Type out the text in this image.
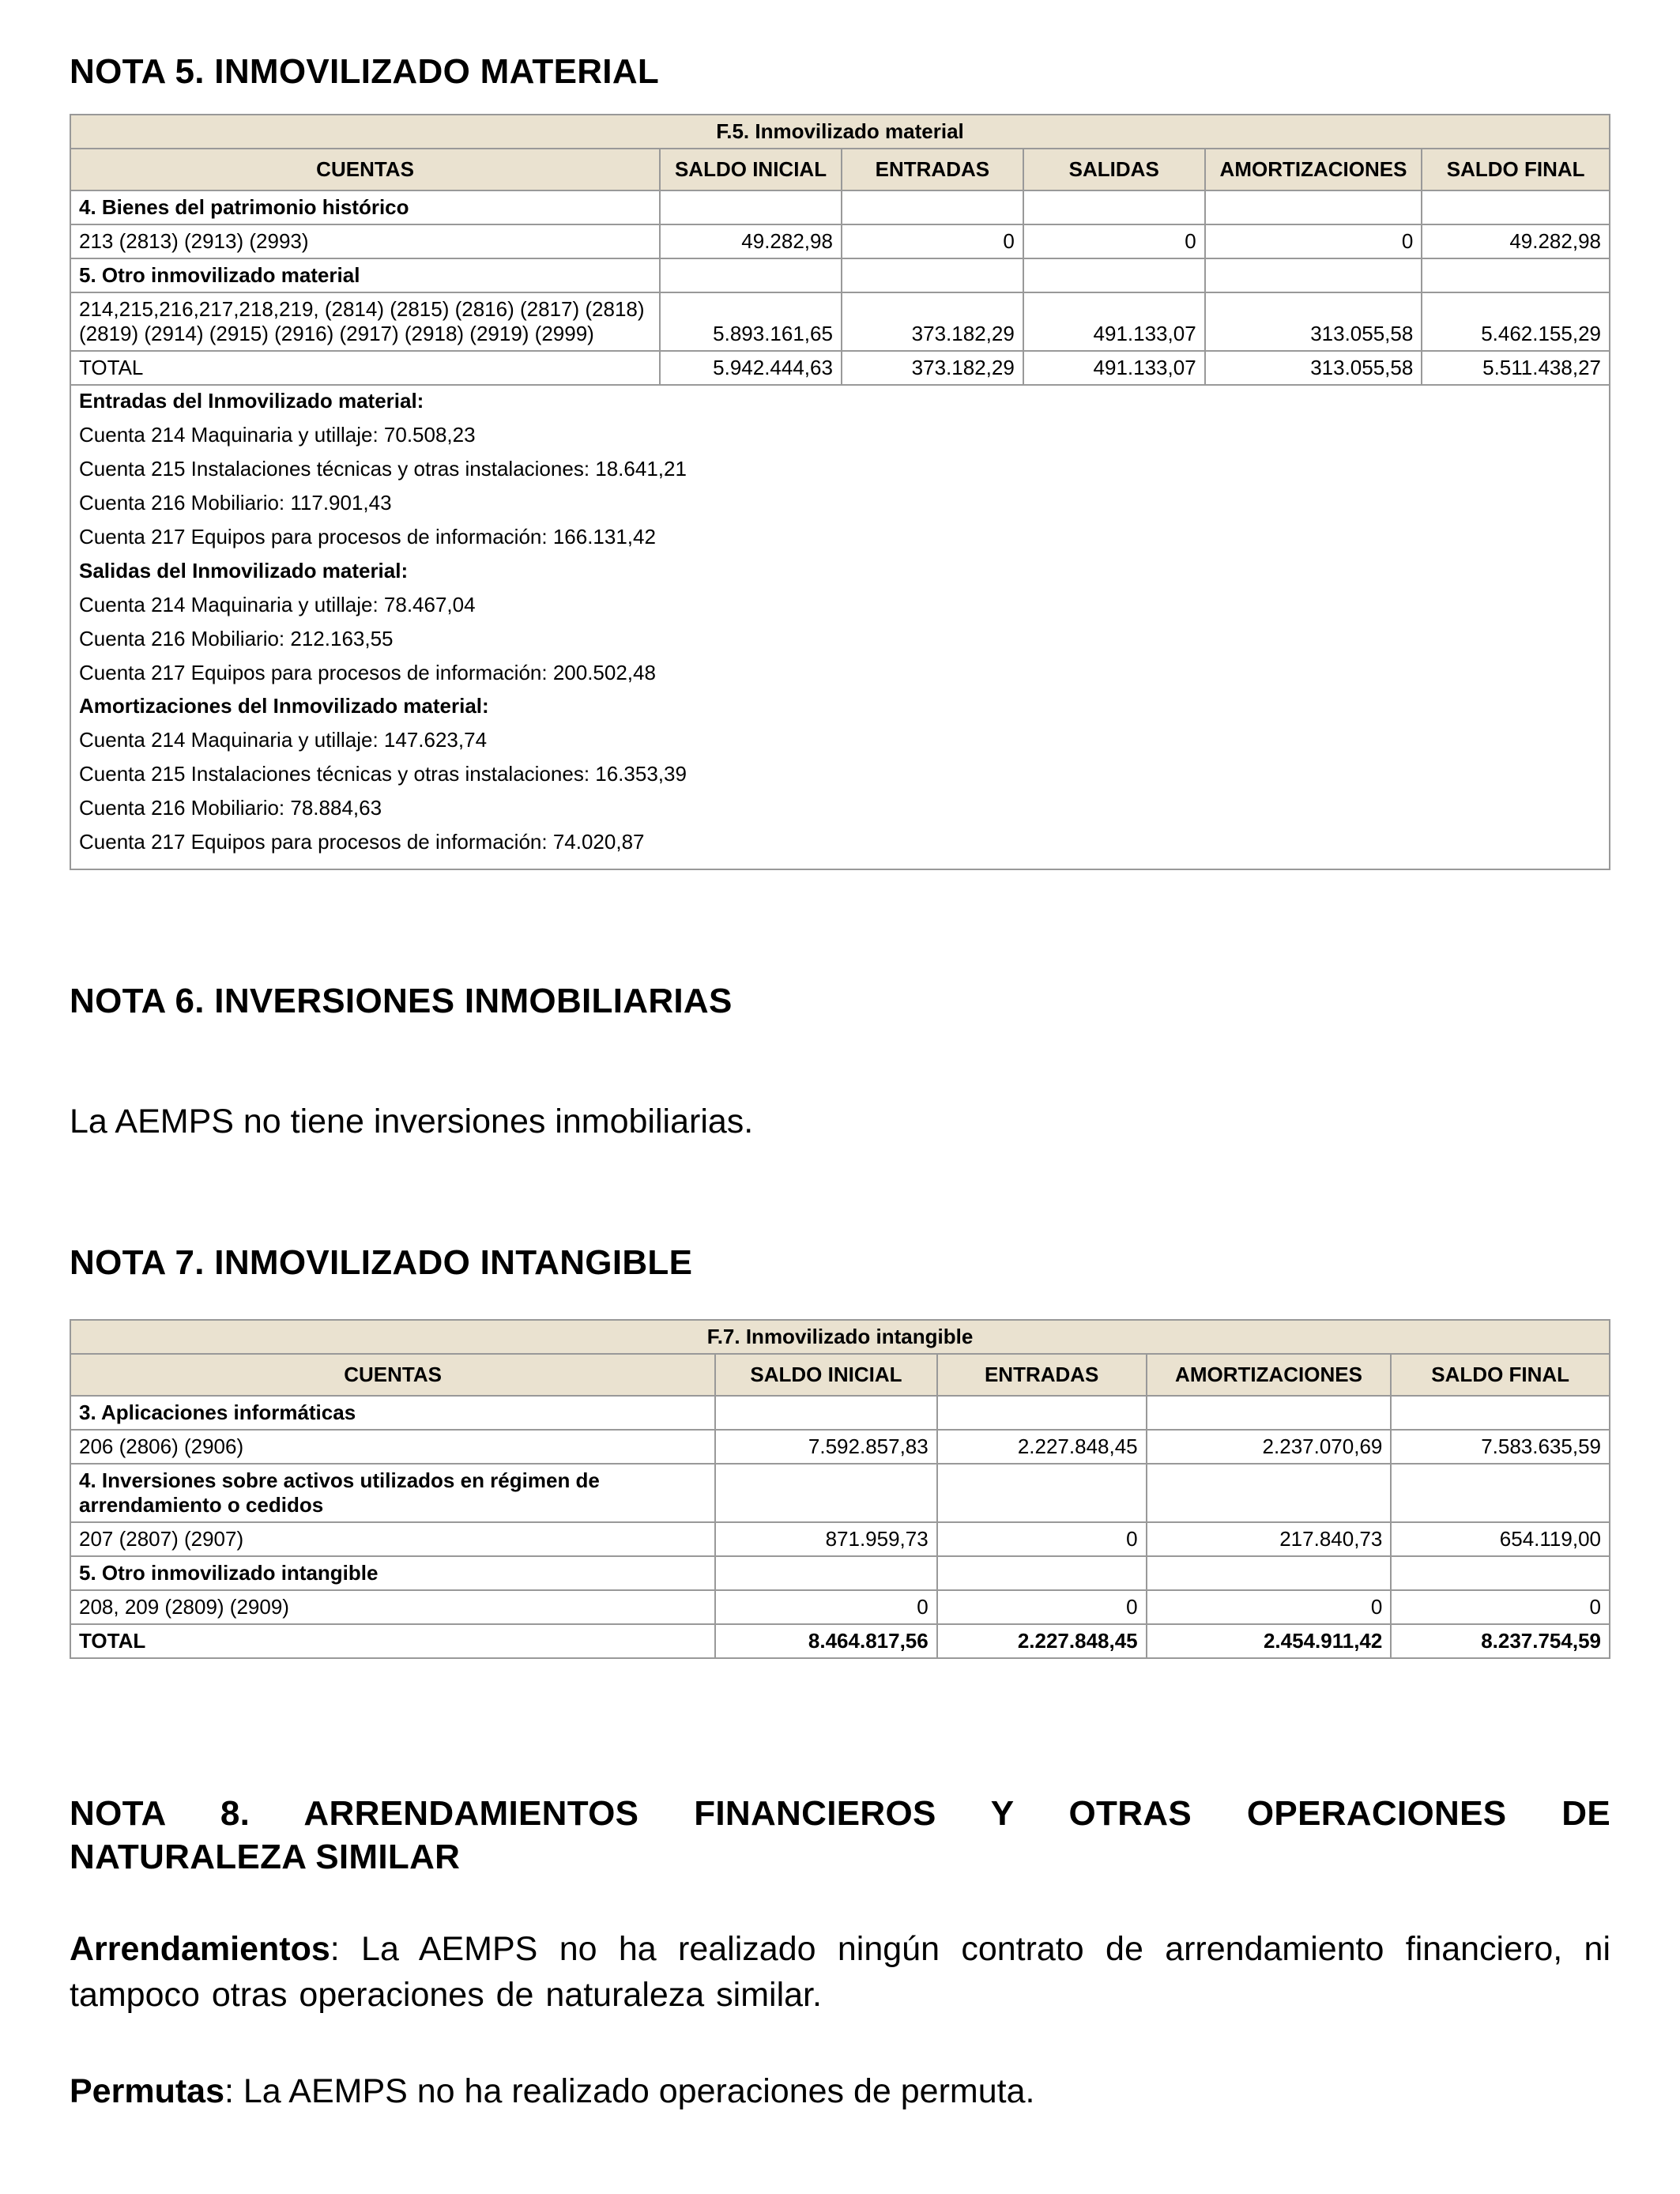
NOTA 5. INMOVILIZADO MATERIAL
F.5. Inmovilizado material					
CUENTAS	SALDO INICIAL	ENTRADAS	SALIDAS	AMORTIZACIONES	SALDO FINAL
4. Bienes del patrimonio histórico					
213 (2813) (2913) (2993)	49.282,98	0	0	0	49.282,98
5. Otro inmovilizado material					
214,215,216,217,218,219, (2814) (2815) (2816) (2817) (2818) (2819) (2914) (2915) (2916) (2917) (2918) (2919) (2999)	5.893.161,65	373.182,29	491.133,07	313.055,58	5.462.155,29
TOTAL	5.942.444,63	373.182,29	491.133,07	313.055,58	5.511.438,27

Entradas del Inmovilizado material:

Cuenta 214 Maquinaria y utillaje: 70.508,23

Cuenta 215 Instalaciones técnicas y otras instalaciones: 18.641,21

Cuenta 216 Mobiliario: 117.901,43

Cuenta 217 Equipos para procesos de información: 166.131,42

Salidas del Inmovilizado material:

Cuenta 214 Maquinaria y utillaje: 78.467,04

Cuenta 216 Mobiliario: 212.163,55

Cuenta 217 Equipos para procesos de información: 200.502,48

Amortizaciones del Inmovilizado material:

Cuenta 214 Maquinaria y utillaje: 147.623,74

Cuenta 215 Instalaciones técnicas y otras instalaciones: 16.353,39

Cuenta 216 Mobiliario: 78.884,63

Cuenta 217 Equipos para procesos de información: 74.020,87

NOTA 6. INVERSIONES INMOBILIARIAS

La AEMPS no tiene inversiones inmobiliarias.

NOTA 7. INMOVILIZADO INTANGIBLE
F.7. Inmovilizado intangible				
CUENTAS	SALDO INICIAL	ENTRADAS	AMORTIZACIONES	SALDO FINAL
3. Aplicaciones informáticas				
206 (2806) (2906)	7.592.857,83	2.227.848,45	2.237.070,69	7.583.635,59
4. Inversiones sobre activos utilizados en régimen de arrendamiento o cedidos				
207 (2807) (2907)	871.959,73	0	217.840,73	654.119,00
5. Otro inmovilizado intangible				
208, 209 (2809) (2909)	0	0	0	0
TOTAL	8.464.817,56	2.227.848,45	2.454.911,42	8.237.754,59
NOTA 8. ARRENDAMIENTOS FINANCIEROS Y OTRAS OPERACIONES DE
NATURALEZA SIMILAR

Arrendamientos: La AEMPS no ha realizado ningún contrato de arrendamiento financiero, ni tampoco otras operaciones de naturaleza similar.

Permutas: La AEMPS no ha realizado operaciones de permuta.
